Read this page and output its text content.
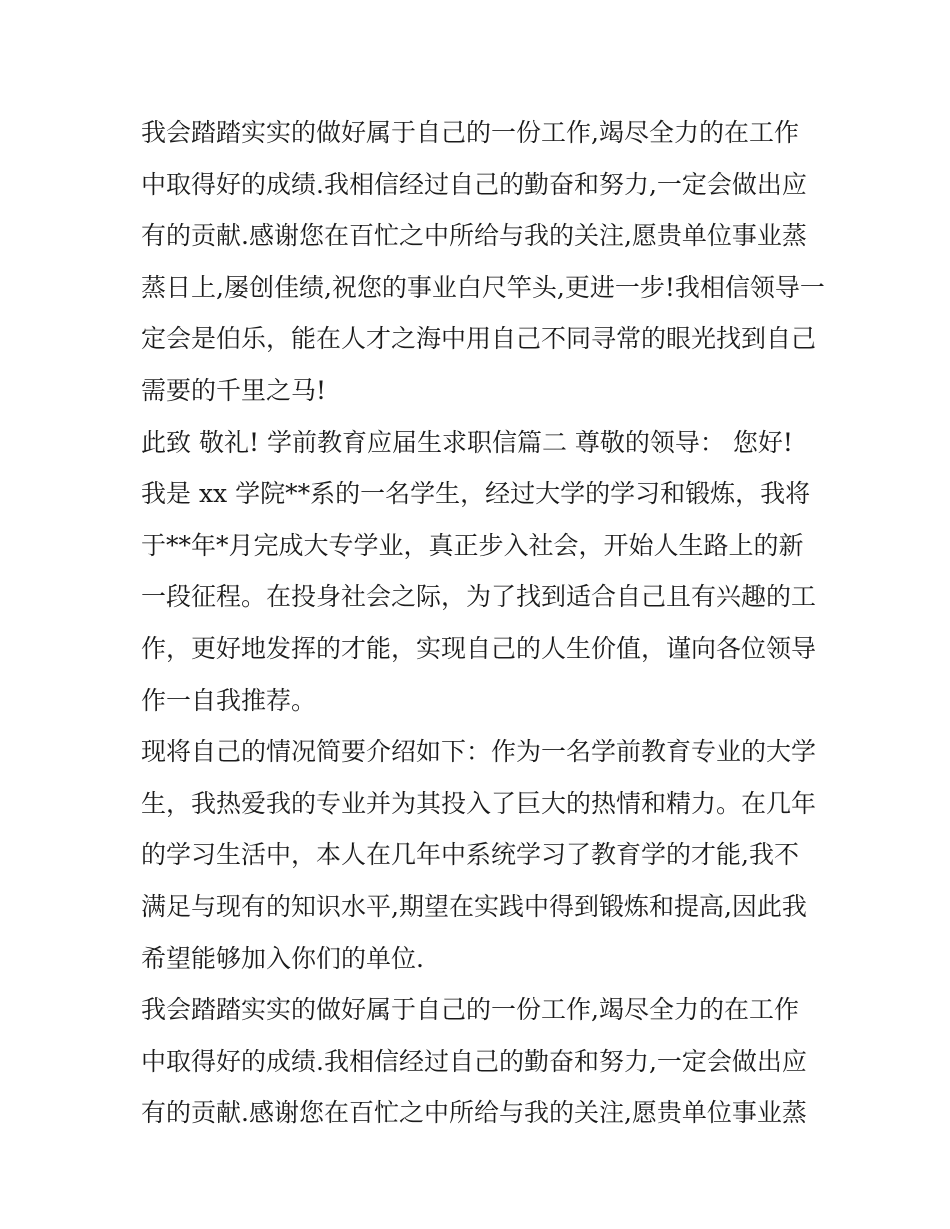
我会踏踏实实的做好属于自己的一份工作,竭尽全力的在工作
中取得好的成绩.我相信经过自己的勤奋和努力,一定会做出应
有的贡献.感谢您在百忙之中所给与我的关注,愿贵单位事业蒸
蒸日上,屡创佳绩,祝您的事业白尺竿头,更进一步!我相信领导一
定会是伯乐，能在人才之海中用自己不同寻常的眼光找到自己
需要的千里之马!
此致 敬礼! 学前教育应届生求职信篇二 尊敬的领导： 您好!
我是 xx 学院**系的一名学生，经过大学的学习和锻炼，我将
于**年*月完成大专学业，真正步入社会，开始人生路上的新
一段征程。在投身社会之际，为了找到适合自己且有兴趣的工
作，更好地发挥的才能，实现自己的人生价值，谨向各位领导
作一自我推荐。
现将自己的情况简要介绍如下：作为一名学前教育专业的大学
生，我热爱我的专业并为其投入了巨大的热情和精力。在几年
的学习生活中，本人在几年中系统学习了教育学的才能,我不
满足与现有的知识水平,期望在实践中得到锻炼和提高,因此我
希望能够加入你们的单位.
我会踏踏实实的做好属于自己的一份工作,竭尽全力的在工作
中取得好的成绩.我相信经过自己的勤奋和努力,一定会做出应
有的贡献.感谢您在百忙之中所给与我的关注,愿贵单位事业蒸
